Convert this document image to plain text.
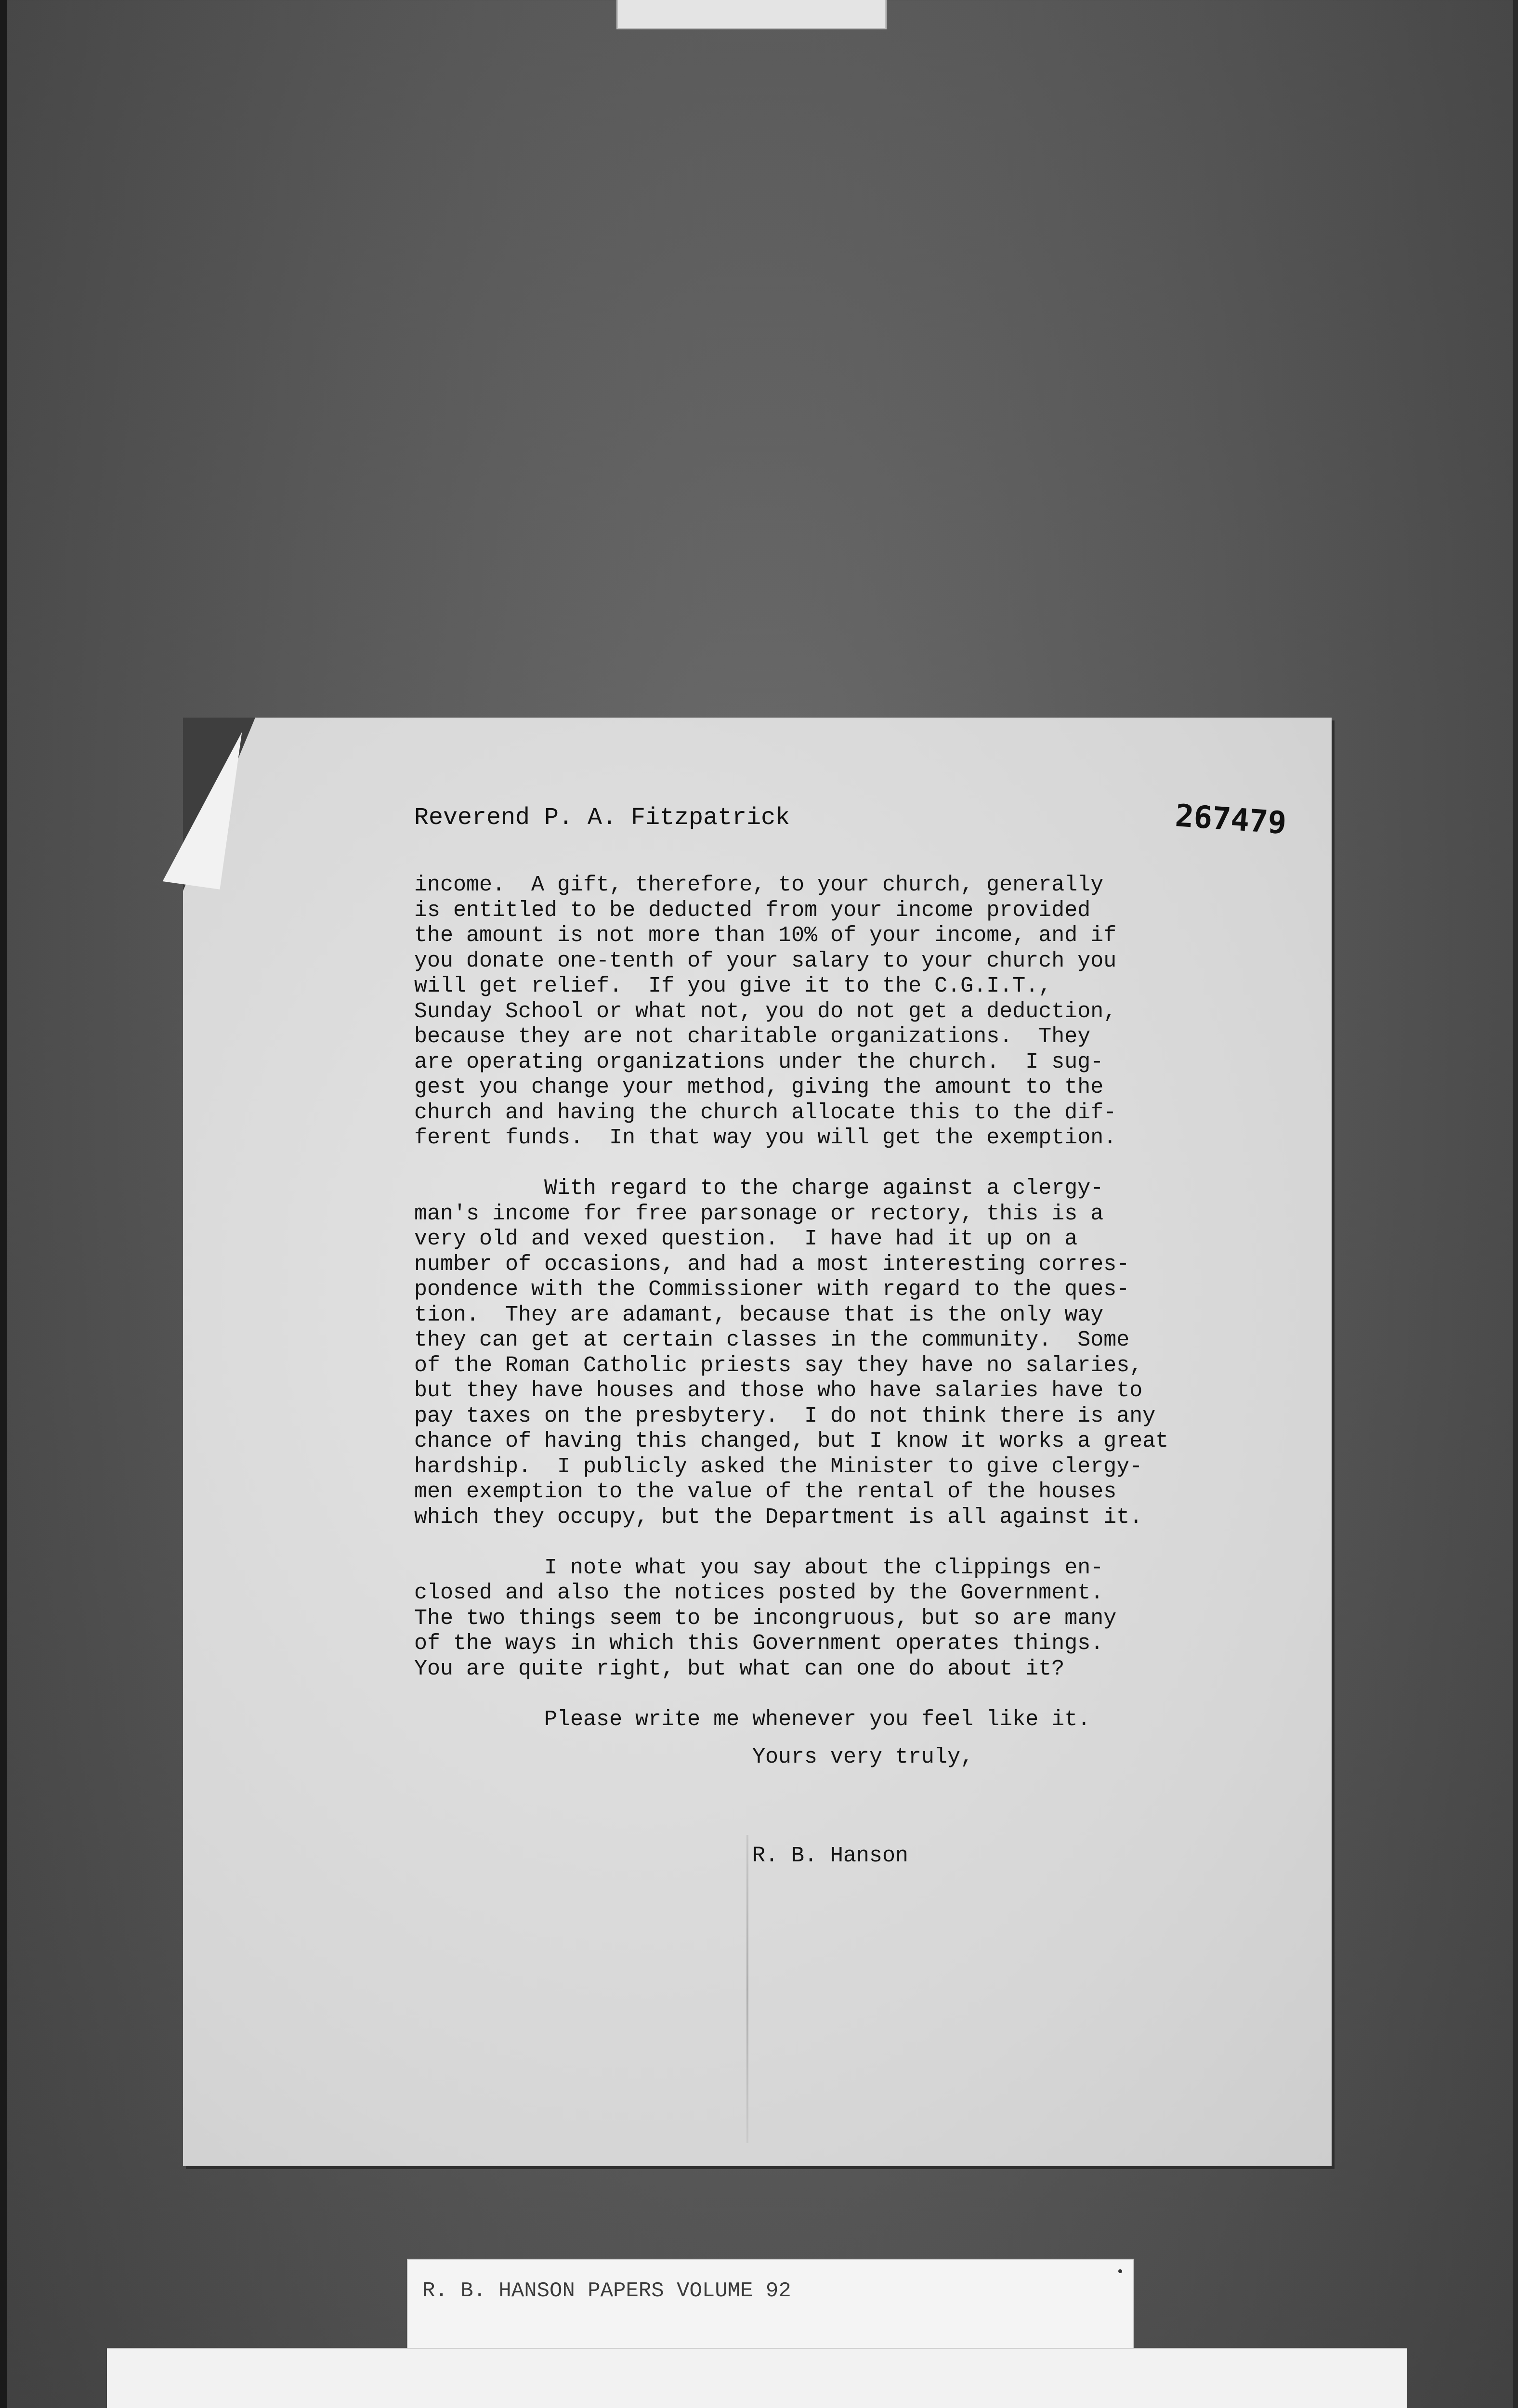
Reverend P. A. Fitzpatrick	267479
income.  A gift, therefore, to your church, generally
is entitled to be deducted from your income provided
the amount is not more than 10% of your income, and if
you donate one-tenth of your salary to your church you
will get relief.  If you give it to the C.G.I.T.,
Sunday School or what not, you do not get a deduction,
because they are not charitable organizations.  They
are operating organizations under the church.  I sug-
gest you change your method, giving the amount to the
church and having the church allocate this to the dif-
ferent funds.  In that way you will get the exemption.
With regard to the charge against a clergy-
man's income for free parsonage or rectory, this is a
very old and vexed question.  I have had it up on a
number of occasions, and had a most interesting corres-
pondence with the Commissioner with regard to the ques-
tion.  They are adamant, because that is the only way
they can get at certain classes in the community.  Some
of the Roman Catholic priests say they have no salaries,
but they have houses and those who have salaries have to
pay taxes on the presbytery.  I do not think there is any
chance of having this changed, but I know it works a great
hardship.  I publicly asked the Minister to give clergy-
men exemption to the value of the rental of the houses
which they occupy, but the Department is all against it.
I note what you say about the clippings en-
closed and also the notices posted by the Government.
The two things seem to be incongruous, but so are many
of the ways in which this Government operates things.
You are quite right, but what can one do about it?
Please write me whenever you feel like it.
Yours very truly,
R. B. Hanson
R. B. HANSON PAPERS VOLUME 92
